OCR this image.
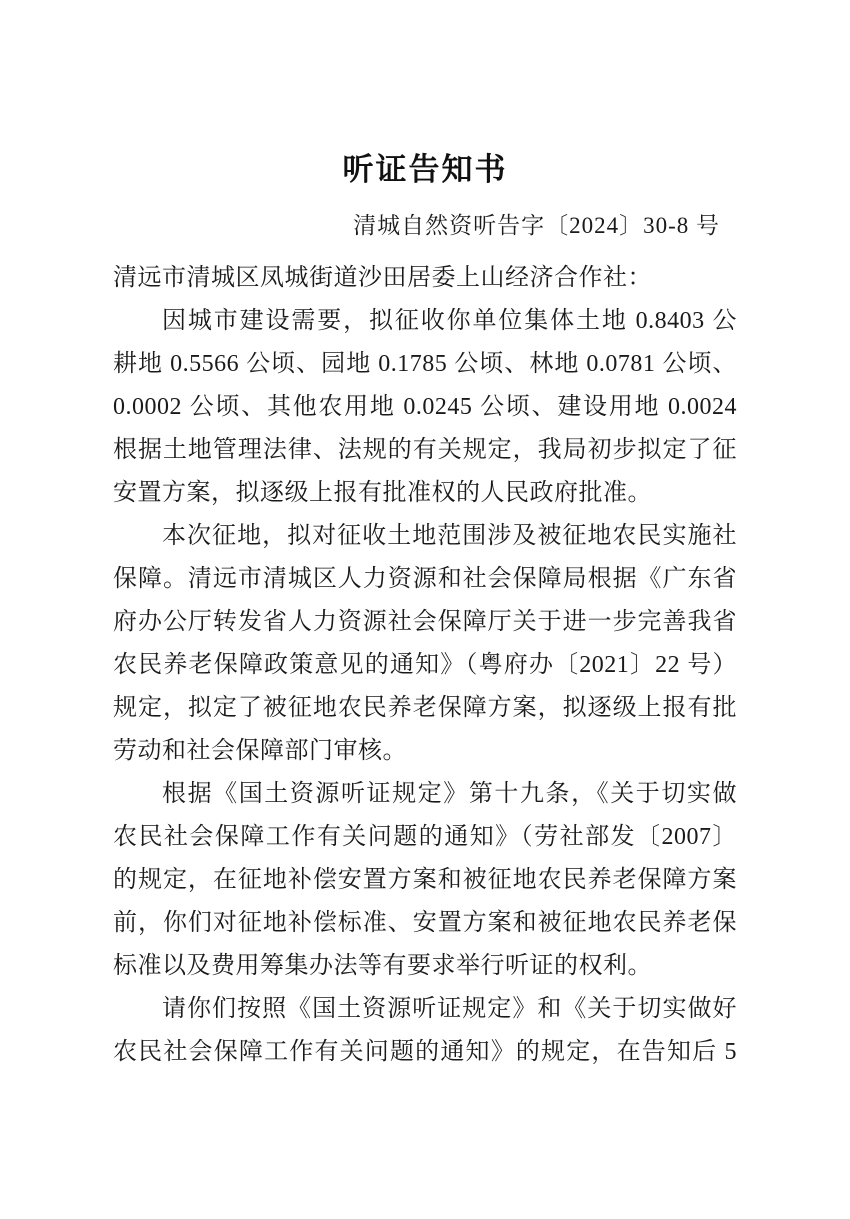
听证告知书
清城自然资听告字〔2024〕30-8 号
清远市清城区凤城街道沙田居委上山经济合作社：
因城市建设需要，拟征收你单位集体土地 0.8403 公
耕地 0.5566 公顷、园地 0.1785 公顷、林地 0.0781 公顷、
0.0002 公顷、其他农用地 0.0245 公顷、建设用地 0.0024
根据土地管理法律、法规的有关规定，我局初步拟定了征
安置方案，拟逐级上报有批准权的人民政府批准。
本次征地，拟对征收土地范围涉及被征地农民实施社
保障。清远市清城区人力资源和社会保障局根据《广东省
府办公厅转发省人力资源社会保障厅关于进一步完善我省
农民养老保障政策意见的通知》（粤府办〔2021〕22 号）
规定，拟定了被征地农民养老保障方案，拟逐级上报有批
劳动和社会保障部门审核。
根据《国土资源听证规定》第十九条，《关于切实做
农民社会保障工作有关问题的通知》（劳社部发〔2007〕
的规定，在征地补偿安置方案和被征地农民养老保障方案
前，你们对征地补偿标准、安置方案和被征地农民养老保
标准以及费用筹集办法等有要求举行听证的权利。
请你们按照《国土资源听证规定》和《关于切实做好
农民社会保障工作有关问题的通知》的规定，在告知后 5
